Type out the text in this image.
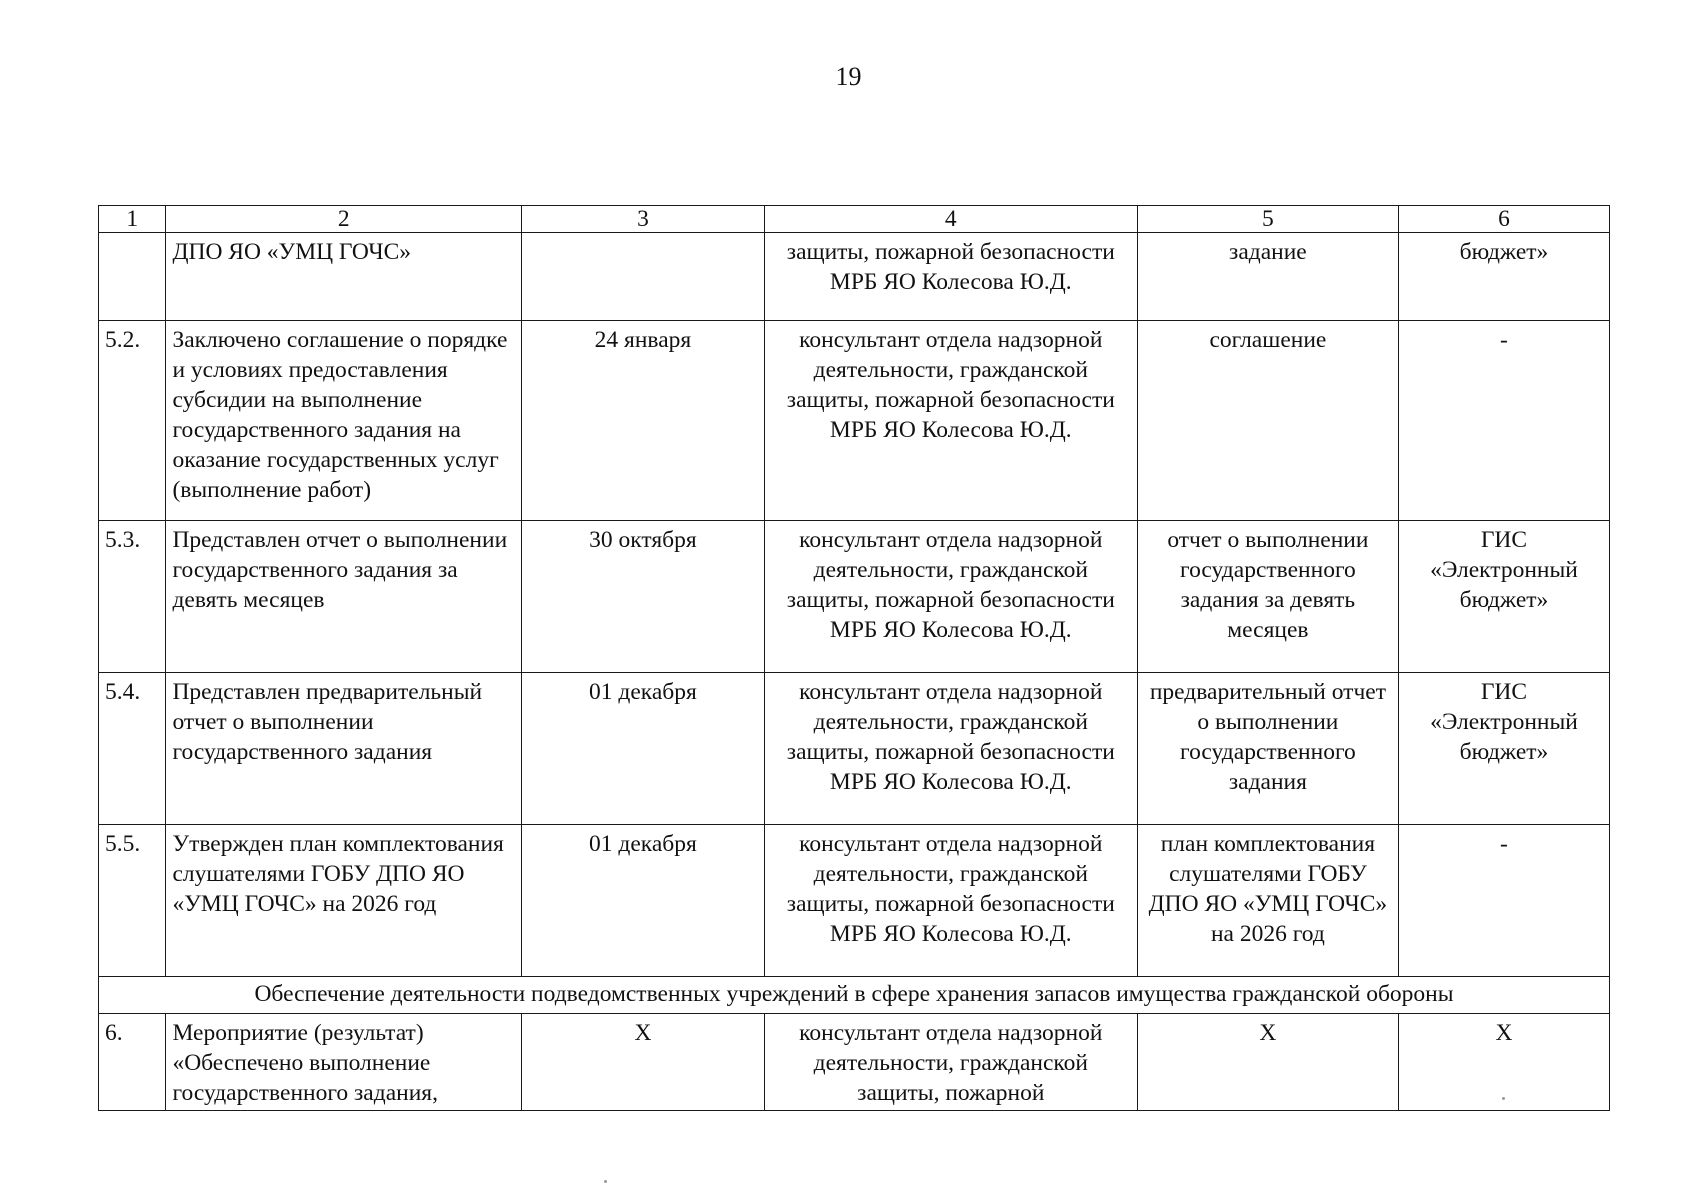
19
1	2	3	4	5	6
	ДПО ЯО «УМЦ ГОЧС»		защиты, пожарной безопасности МРБ ЯО Колесова Ю.Д.	задание	бюджет»
5.2.	Заключено соглашение о порядке и условиях предоставления субсидии на выполнение государственного задания на оказание государственных услуг (выполнение работ)	24 января	консультант отдела надзорной деятельности, гражданской защиты, пожарной безопасности МРБ ЯО Колесова Ю.Д.	соглашение	-
5.3.	Представлен отчет о выполнении государственного задания за девять месяцев	30 октября	консультант отдела надзорной деятельности, гражданской защиты, пожарной безопасности МРБ ЯО Колесова Ю.Д.	отчет о выполнении государственного задания за девять месяцев	ГИС «Электронный бюджет»
5.4.	Представлен предварительный отчет о выполнении государственного задания	01 декабря	консультант отдела надзорной деятельности, гражданской защиты, пожарной безопасности МРБ ЯО Колесова Ю.Д.	предварительный отчет о выполнении государственного задания	ГИС «Электронный бюджет»
5.5.	Утвержден план комплектования слушателями ГОБУ ДПО ЯО «УМЦ ГОЧС» на 2026 год	01 декабря	консультант отдела надзорной деятельности, гражданской защиты, пожарной безопасности МРБ ЯО Колесова Ю.Д.	план комплектования слушателями ГОБУ ДПО ЯО «УМЦ ГОЧС» на 2026 год	-
Обеспечение деятельности подведомственных учреждений в сфере хранения запасов имущества гражданской обороны					
6.	Мероприятие (результат) «Обеспечено выполнение государственного задания,	Х	консультант отдела надзорной деятельности, гражданской защиты, пожарной	Х	Х
